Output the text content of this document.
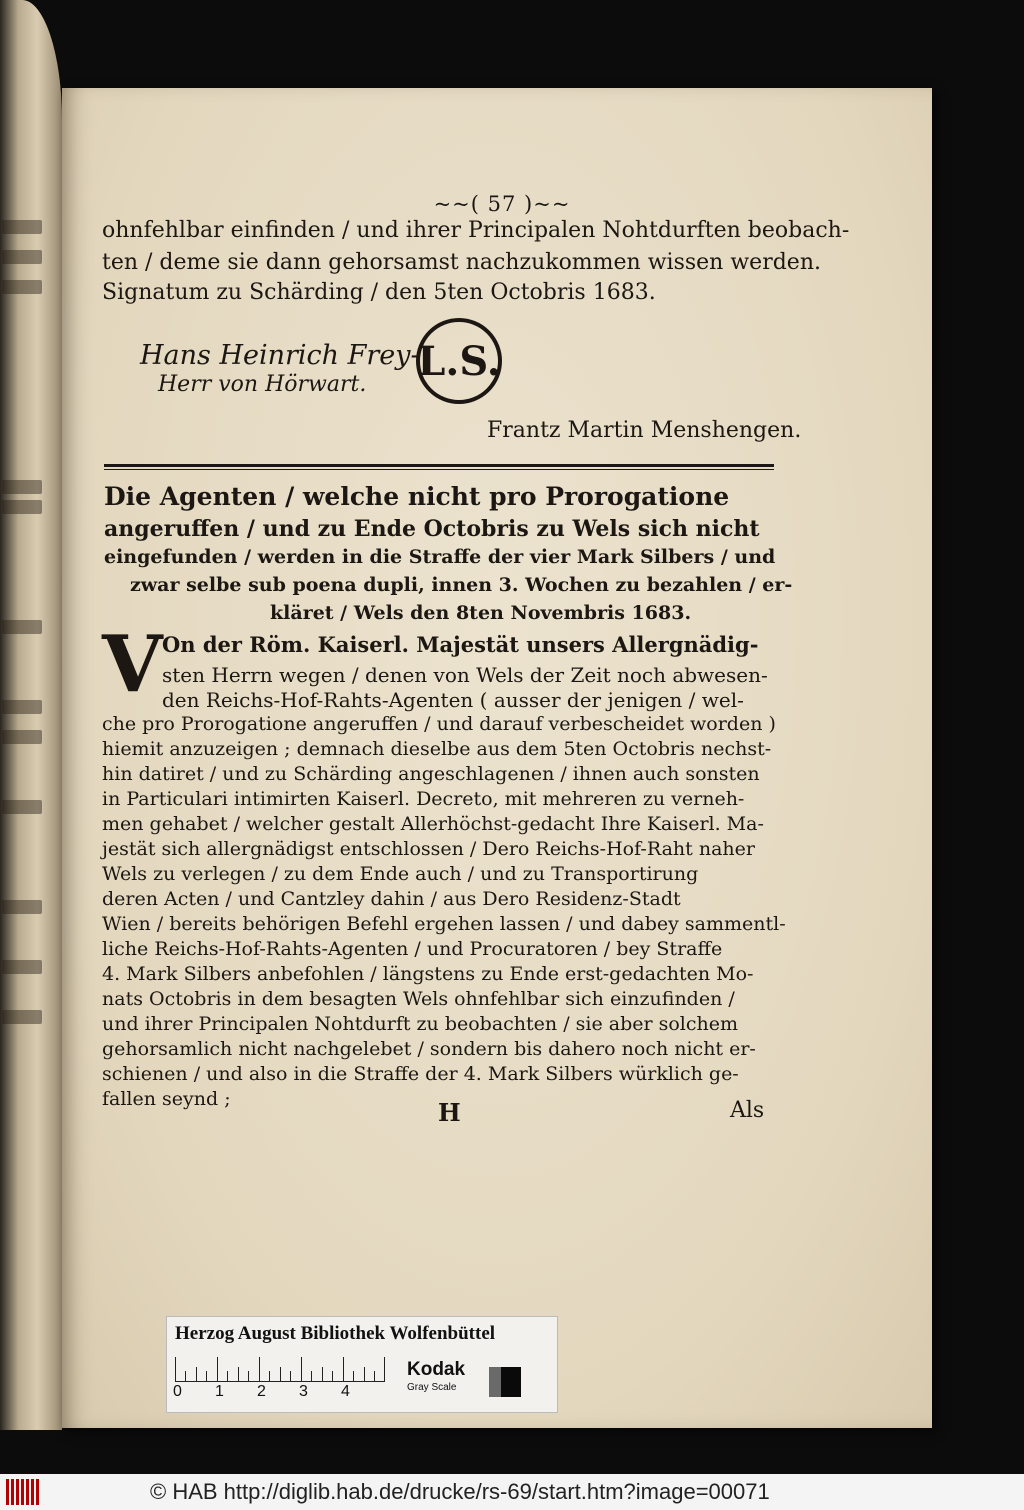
~~( 57 )~~
ohnfehlbar einfinden / und ihrer Principalen Nohtdurften beobach-
ten / deme sie dann gehorsamst nachzukommen wissen werden.
Signatum zu Schärding / den 5ten Octobris 1683.
Hans Heinrich Frey-
Herr von Hörwart. L.S.
Frantz Martin Menshengen.
Die Agenten / welche nicht pro Prorogatione
angeruffen / und zu Ende Octobris zu Wels sich nicht
eingefunden / werden in die Straffe der vier Mark Silbers / und
zwar selbe sub poena dupli, innen 3. Wochen zu bezahlen / er-
kläret / Wels den 8ten Novembris 1683.
V On der Röm. Kaiserl. Majestät unsers Allergnädig-
sten Herrn wegen / denen von Wels der Zeit noch abwesen-
den Reichs-Hof-Rahts-Agenten ( ausser der jenigen / wel-
che pro Prorogatione angeruffen / und darauf verbescheidet worden )
hiemit anzuzeigen ; demnach dieselbe aus dem 5ten Octobris nechst-
hin datiret / und zu Schärding angeschlagenen / ihnen auch sonsten
in Particulari intimirten Kaiserl. Decreto, mit mehreren zu verneh-
men gehabet / welcher gestalt Allerhöchst-gedacht Ihre Kaiserl. Ma-
jestät sich allergnädigst entschlossen / Dero Reichs-Hof-Raht naher
Wels zu verlegen / zu dem Ende auch / und zu Transportirung
deren Acten / und Cantzley dahin / aus Dero Residenz-Stadt
Wien / bereits behörigen Befehl ergehen lassen / und dabey sammentl-
liche Reichs-Hof-Rahts-Agenten / und Procuratoren / bey Straffe
4. Mark Silbers anbefohlen / längstens zu Ende erst-gedachten Mo-
nats Octobris in dem besagten Wels ohnfehlbar sich einzufinden /
und ihrer Principalen Nohtdurft zu beobachten / sie aber solchem
gehorsamlich nicht nachgelebet / sondern bis dahero noch nicht er-
schienen / und also in die Straffe der 4. Mark Silbers würklich ge-
fallen seynd ;	H	Als
Herzog August Bibliothek Wolfenbüttel
0 1 2 3 4
Kodak
Gray Scale
© HAB http://diglib.hab.de/drucke/rs-69/start.htm?image=00071
